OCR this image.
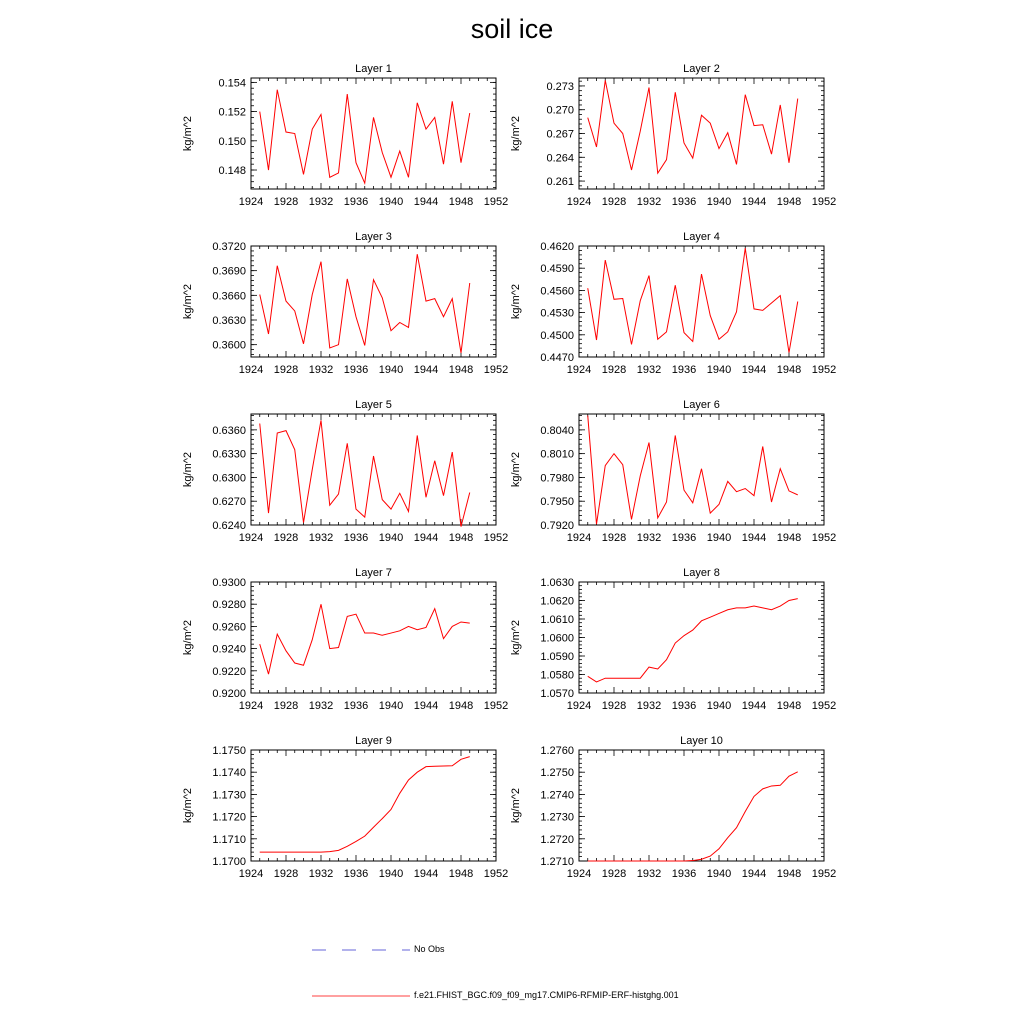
soil ice
1924 1928 1932 1936 1940 1944 1948 1952
0.148
0.150
0.152
0.154
Layer 1
kg/m^2
1924 1928 1932 1936 1940 1944 1948 1952
0.261
0.264
0.267
0.270
0.273
Layer 2
kg/m^2
1924 1928 1932 1936 1940 1944 1948 1952
0.3600
0.3630
0.3660
0.3690
0.3720
Layer 3
kg/m^2
1924 1928 1932 1936 1940 1944 1948 1952
0.4470
0.4500
0.4530
0.4560
0.4590
0.4620
Layer 4
kg/m^2
1924 1928 1932 1936 1940 1944 1948 1952
0.6240
0.6270
0.6300
0.6330
0.6360
Layer 5
kg/m^2
1924 1928 1932 1936 1940 1944 1948 1952
0.7920
0.7950
0.7980
0.8010
0.8040
Layer 6
kg/m^2
1924 1928 1932 1936 1940 1944 1948 1952
0.9200
0.9220
0.9240
0.9260
0.9280
0.9300
Layer 7
kg/m^2
1924 1928 1932 1936 1940 1944 1948 1952
1.0570
1.0580
1.0590
1.0600
1.0610
1.0620
1.0630
Layer 8
kg/m^2
1924 1928 1932 1936 1940 1944 1948 1952
1.1700
1.1710
1.1720
1.1730
1.1740
1.1750
Layer 9
kg/m^2
1924 1928 1932 1936 1940 1944 1948 1952
1.2710
1.2720
1.2730
1.2740
1.2750
1.2760
Layer 10
kg/m^2
No Obs
f.e21.FHIST_BGC.f09_f09_mg17.CMIP6-RFMIP-ERF-histghg.001
